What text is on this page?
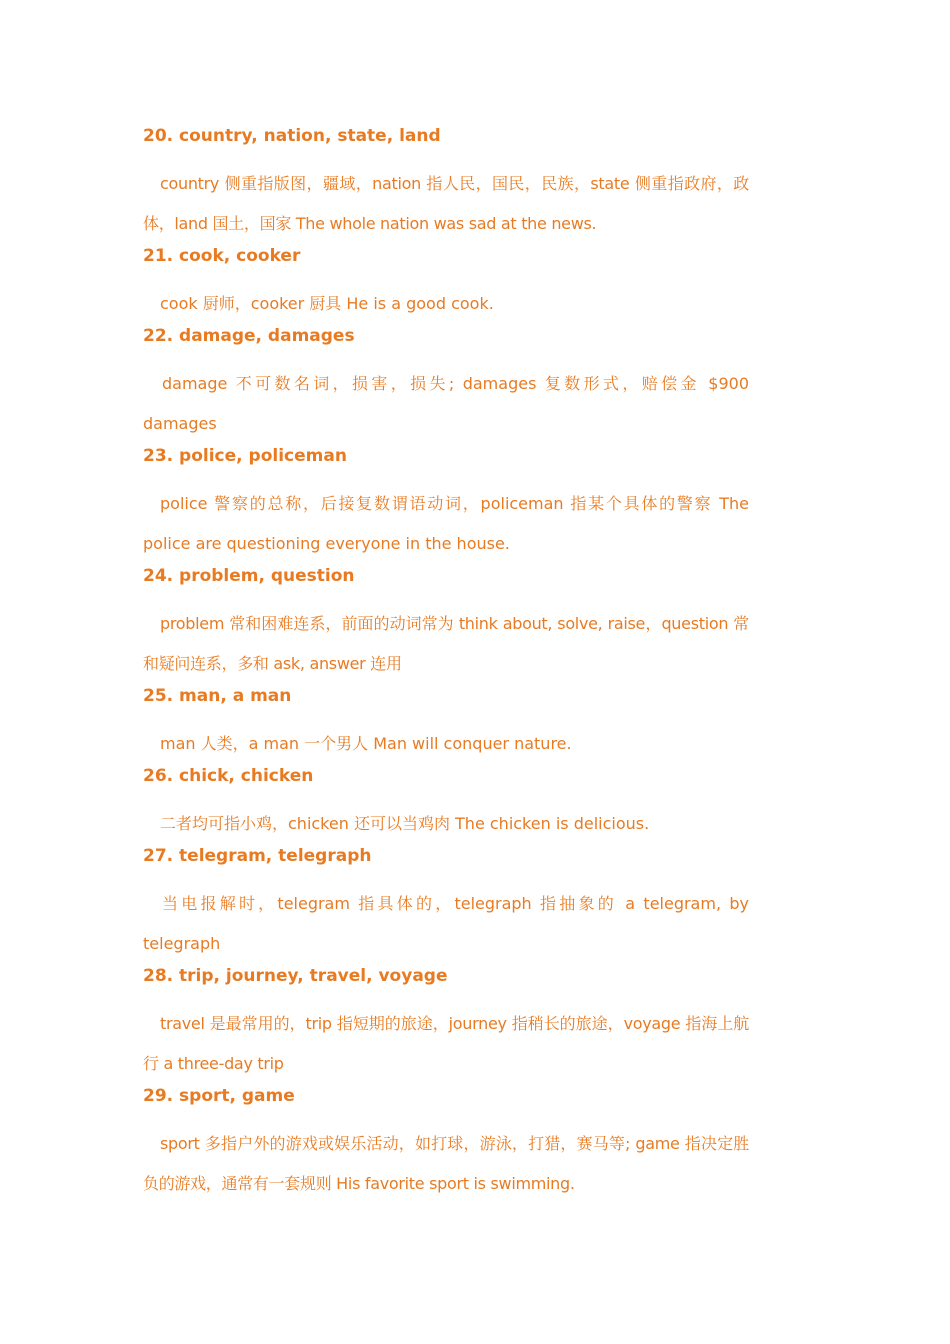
20. country, nation, state, land

country 侧重指版图，疆域，nation 指人民，国民，民族，state 侧重指政府，政体，land 国土，国家 The whole nation was sad at the news.

21. cook, cooker

cook 厨师，cooker 厨具 He is a good cook.

22. damage, damages

damage 不可数名词，损害，损失; damages 复数形式，赔偿金 $900 damages

23. police, policeman

police 警察的总称，后接复数谓语动词，policeman 指某个具体的警察 The police are questioning everyone in the house.

24. problem, question

problem 常和困难连系，前面的动词常为 think about, solve, raise，question 常和疑问连系，多和 ask, answer 连用

25. man, a man

man 人类，a man 一个男人 Man will conquer nature.

26. chick, chicken

二者均可指小鸡，chicken 还可以当鸡肉 The chicken is delicious.

27. telegram, telegraph

当电报解时，telegram 指具体的，telegraph 指抽象的 a telegram, by telegraph

28. trip, journey, travel, voyage

travel 是最常用的，trip 指短期的旅途，journey 指稍长的旅途，voyage 指海上航行 a three-day trip

29. sport, game

sport 多指户外的游戏或娱乐活动，如打球，游泳，打猎，赛马等; game 指决定胜负的游戏，通常有一套规则 His favorite sport is swimming.
